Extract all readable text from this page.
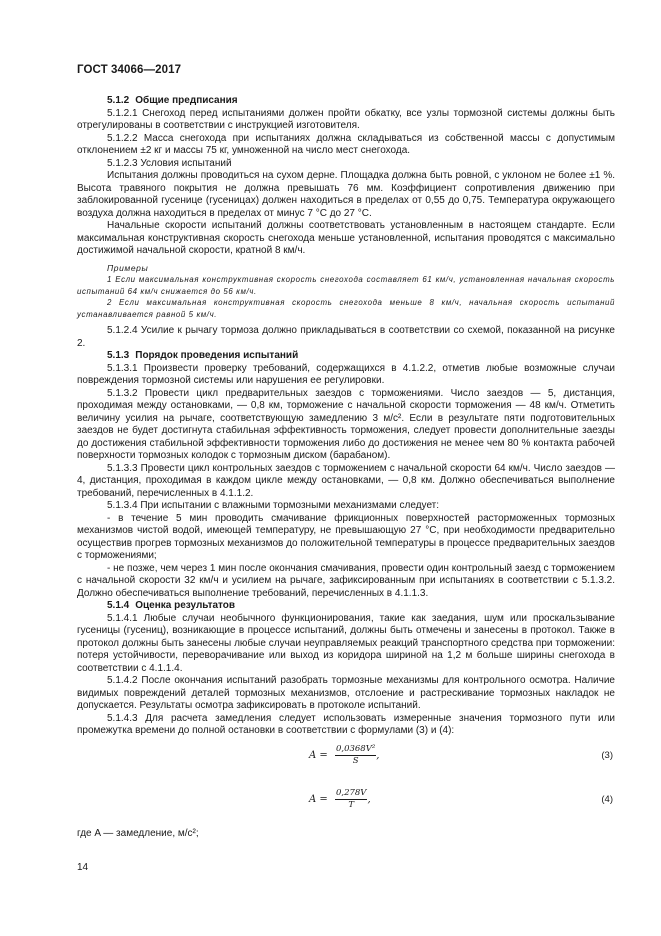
ГОСТ 34066—2017

5.1.2 Общие предписания

5.1.2.1 Снегоход перед испытаниями должен пройти обкатку, все узлы тормозной системы должны быть отрегулированы в соответствии с инструкцией изготовителя.

5.1.2.2 Масса снегохода при испытаниях должна складываться из собственной массы с допустимым отклонением ±2 кг и массы 75 кг, умноженной на число мест снегохода.

5.1.2.3 Условия испытаний

Испытания должны проводиться на сухом дерне. Площадка должна быть ровной, с уклоном не более ±1 %. Высота травяного покрытия не должна превышать 76 мм. Коэффициент сопротивления движению при заблокированной гусенице (гусеницах) должен находиться в пределах от 0,55 до 0,75. Температура окружающего воздуха должна находиться в пределах от минус 7 °С до 27 °С.

Начальные скорости испытаний должны соответствовать установленным в настоящем стандарте. Если максимальная конструктивная скорость снегохода меньше установленной, испытания проводятся с максимально достижимой начальной скорости, кратной 8 км/ч.

Примеры

1 Если максимальная конструктивная скорость снегохода составляет 61 км/ч, установленная начальная скорость испытаний 64 км/ч снижается до 56 км/ч.

2 Если максимальная конструктивная скорость снегохода меньше 8 км/ч, начальная скорость испытаний устанавливается равной 5 км/ч.

5.1.2.4 Усилие к рычагу тормоза должно прикладываться в соответствии со схемой, показанной на рисунке 2.

5.1.3 Порядок проведения испытаний

5.1.3.1 Произвести проверку требований, содержащихся в 4.1.2.2, отметив любые возможные случаи повреждения тормозной системы или нарушения ее регулировки.

5.1.3.2 Провести цикл предварительных заездов с торможениями. Число заездов — 5, дистанция, проходимая между остановками, — 0,8 км, торможение с начальной скорости торможения — 48 км/ч. Отметить величину усилия на рычаге, соответствующую замедлению 3 м/с². Если в результате пяти подготовительных заездов не будет достигнута стабильная эффективность торможения, следует провести дополнительные заезды до достижения стабильной эффективности торможения либо до достижения не менее чем 80 % контакта рабочей поверхности тормозных колодок с тормозным диском (барабаном).

5.1.3.3 Провести цикл контрольных заездов с торможением с начальной скорости 64 км/ч. Число заездов — 4, дистанция, проходимая в каждом цикле между остановками, — 0,8 км. Должно обеспечиваться выполнение требований, перечисленных в 4.1.1.2.

5.1.3.4 При испытании с влажными тормозными механизмами следует:

- в течение 5 мин проводить смачивание фрикционных поверхностей расторможенных тормозных механизмов чистой водой, имеющей температуру, не превышающую 27 °С, при необходимости предварительно осуществив прогрев тормозных механизмов до положительной температуры в процессе предварительных заездов с торможениями;

- не позже, чем через 1 мин после окончания смачивания, провести один контрольный заезд с торможением с начальной скорости 32 км/ч и усилием на рычаге, зафиксированным при испытаниях в соответствии с 5.1.3.2. Должно обеспечиваться выполнение требований, перечисленных в 4.1.1.3.

5.1.4 Оценка результатов

5.1.4.1 Любые случаи необычного функционирования, такие как заедания, шум или проскальзывание гусеницы (гусениц), возникающие в процессе испытаний, должны быть отмечены и занесены в протокол. Также в протокол должны быть занесены любые случаи неуправляемых реакций транспортного средства при торможении: потеря устойчивости, переворачивание или выход из коридора шириной на 1,2 м больше ширины снегохода в соответствии с 4.1.1.4.

5.1.4.2 После окончания испытаний разобрать тормозные механизмы для контрольного осмотра. Наличие видимых повреждений деталей тормозных механизмов, отслоение и растрескивание тормозных накладок не допускается. Результаты осмотра зафиксировать в протоколе испытаний.

5.1.4.3 Для расчета замедления следует использовать измеренные значения тормозного пути или промежутка времени до полной остановки в соответствии с формулами (3) и (4):

$A = \frac{\text{0,0368V²}}{S}$ ,	(3)
$A = \frac{0,278V}{T}$ ,	(4)

где A — замедление, м/с²;

14
